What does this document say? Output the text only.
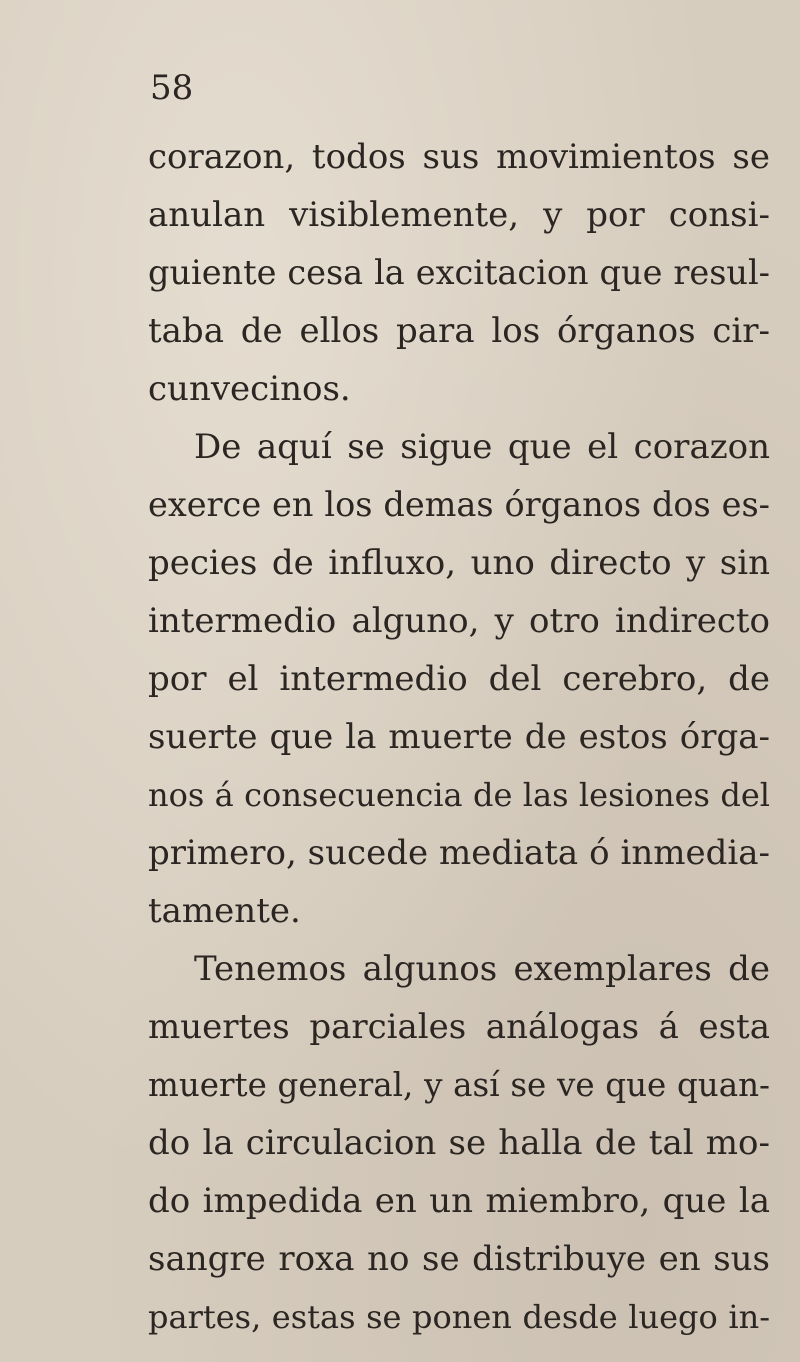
58
corazon, todos sus movimientos se
anulan visiblemente, y por consi-
guiente cesa la excitacion que resul-
taba de ellos para los órganos cir-
cunvecinos.
De aquí se sigue que el corazon
exerce en los demas órganos dos es-
pecies de influxo, uno directo y sin
intermedio alguno, y otro indirecto
por el intermedio del cerebro, de
suerte que la muerte de estos órga-
nos á consecuencia de las lesiones del
primero, sucede mediata ó inmedia-
tamente.
Tenemos algunos exemplares de
muertes parciales análogas á esta
muerte general, y así se ve que quan-
do la circulacion se halla de tal mo-
do impedida en un miembro, que la
sangre roxa no se distribuye en sus
partes, estas se ponen desde luego in-
